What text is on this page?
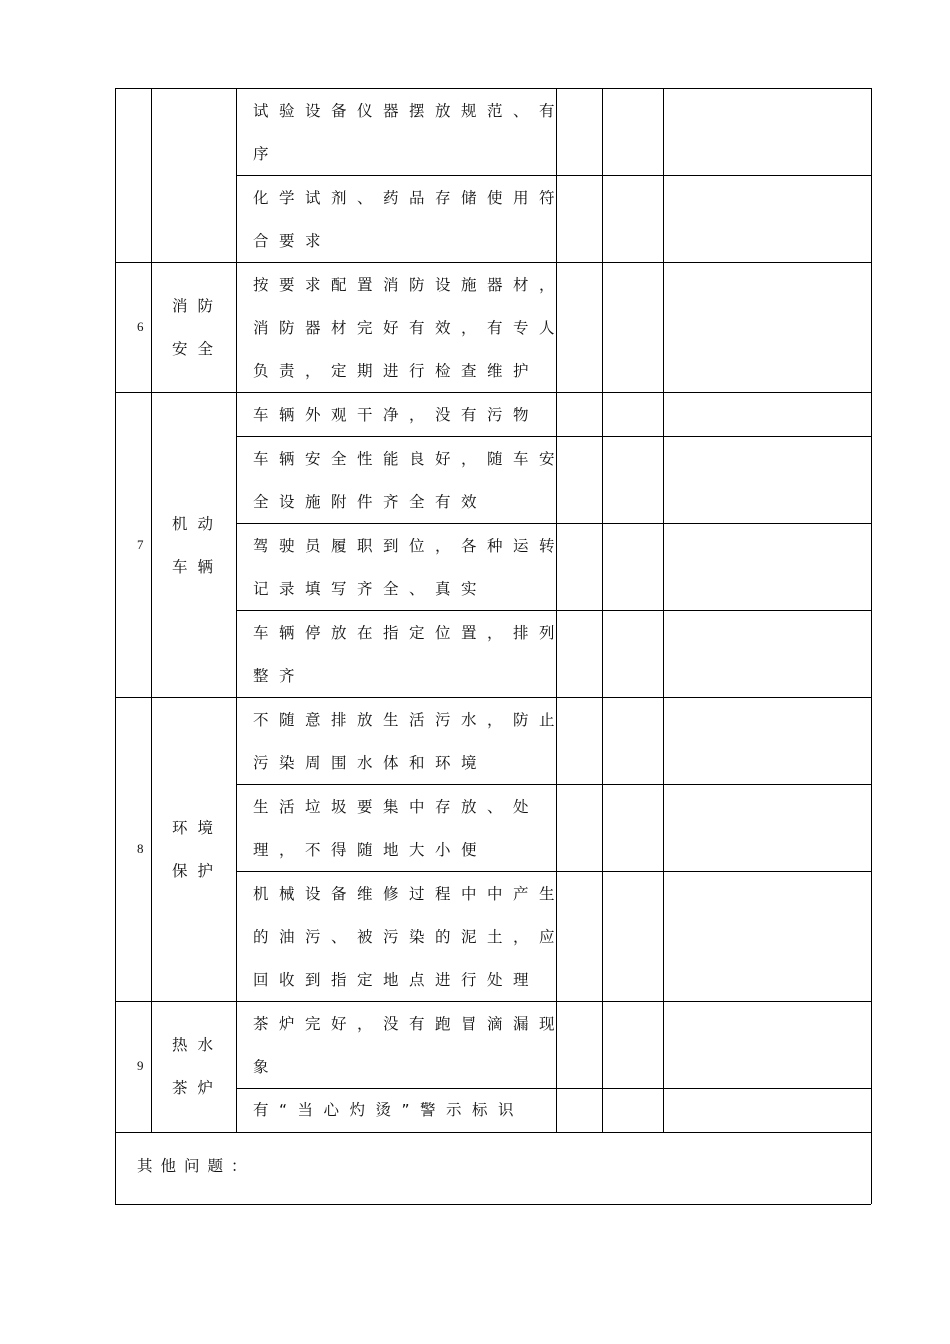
试验设备仪器摆放规范、有
序
化学试剂、药品存储使用符
合要求
6
消防
安全
按要求配置消防设施器材，
消防器材完好有效，有专人
负责，定期进行检查维护
7
机动
车辆
车辆外观干净，没有污物
车辆安全性能良好，随车安
全设施附件齐全有效
驾驶员履职到位，各种运转
记录填写齐全、真实
车辆停放在指定位置，排列
整齐
8
环境
保护
不随意排放生活污水，防止
污染周围水体和环境
生活垃圾要集中存放、处
理，不得随地大小便
机械设备维修过程中中产生
的油污、被污染的泥土，应
回收到指定地点进行处理
9
热水
茶炉
茶炉完好，没有跑冒滴漏现
象
有“当心灼烫”警示标识
其他问题：
